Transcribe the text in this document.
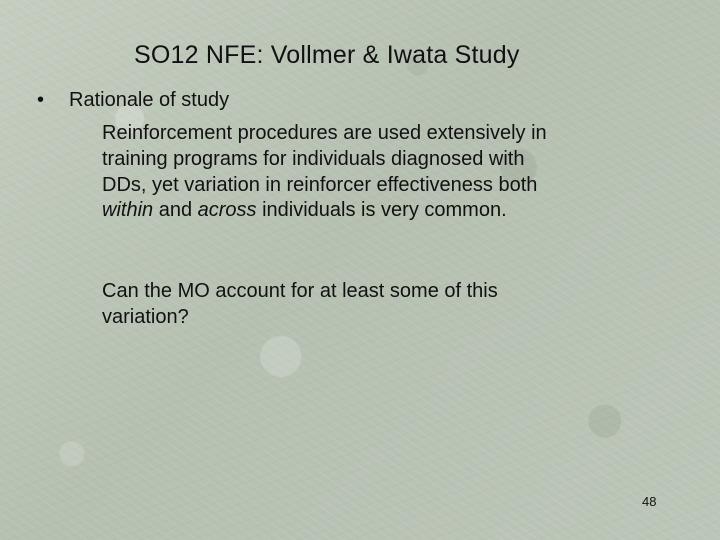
SO12 NFE: Vollmer & Iwata Study
•	Rationale of study
Reinforcement procedures are used extensively in
training programs for individuals diagnosed with
DDs, yet variation in reinforcer effectiveness both
within and across individuals is very common.
Can the MO account for at least some of this
variation?
48
